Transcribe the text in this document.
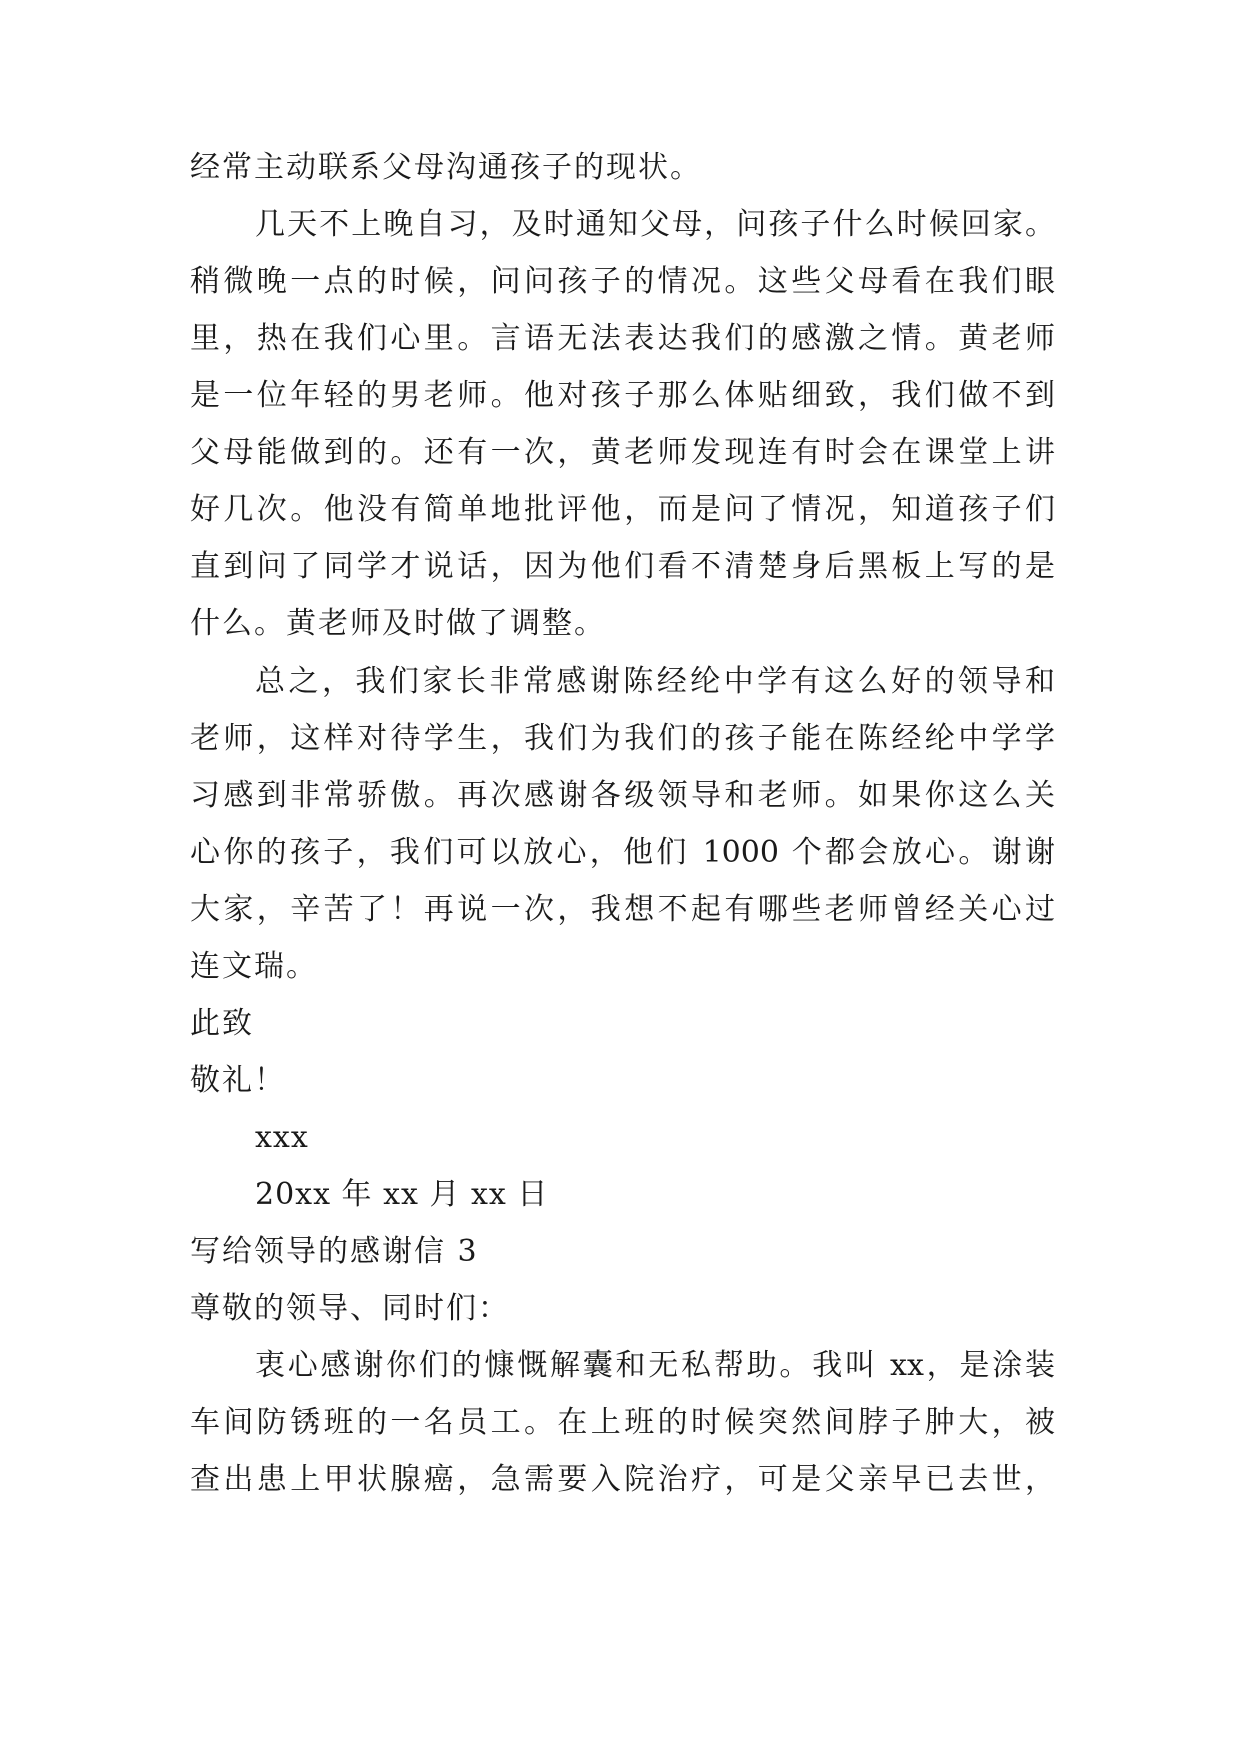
经常主动联系父母沟通孩子的现状。
几天不上晚自习，及时通知父母，问孩子什么时候回家。
稍微晚一点的时候，问问孩子的情况。这些父母看在我们眼
里，热在我们心里。言语无法表达我们的感激之情。黄老师
是一位年轻的男老师。他对孩子那么体贴细致，我们做不到
父母能做到的。还有一次，黄老师发现连有时会在课堂上讲
好几次。他没有简单地批评他，而是问了情况，知道孩子们
直到问了同学才说话，因为他们看不清楚身后黑板上写的是
什么。黄老师及时做了调整。
总之，我们家长非常感谢陈经纶中学有这么好的领导和
老师，这样对待学生，我们为我们的孩子能在陈经纶中学学
习感到非常骄傲。再次感谢各级领导和老师。如果你这么关
心你的孩子，我们可以放心，他们 1000 个都会放心。谢谢
大家，辛苦了！再说一次，我想不起有哪些老师曾经关心过
连文瑞。
此致
敬礼！
xxx
20xx 年 xx 月 xx 日
写给领导的感谢信 3
尊敬的领导、同时们：
衷心感谢你们的慷慨解囊和无私帮助。我叫 xx，是涂装
车间防锈班的一名员工。在上班的时候突然间脖子肿大，被
查出患上甲状腺癌，急需要入院治疗，可是父亲早已去世，
